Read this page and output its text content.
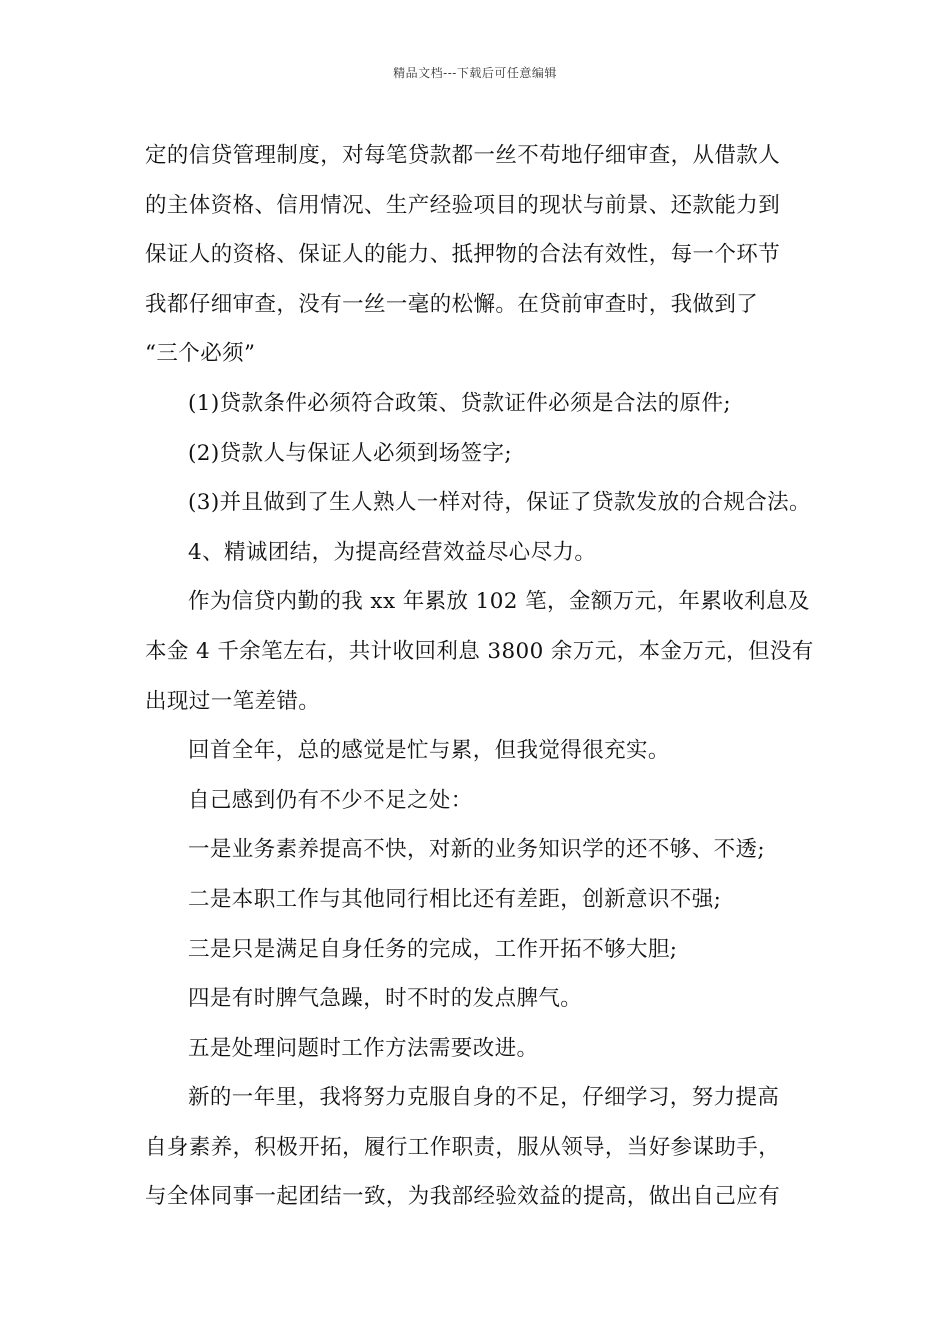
精品文档---下载后可任意编辑
定的信贷管理制度，对每笔贷款都一丝不苟地仔细审查，从借款人
的主体资格、信用情况、生产经验项目的现状与前景、还款能力到
保证人的资格、保证人的能力、抵押物的合法有效性，每一个环节
我都仔细审查，没有一丝一毫的松懈。在贷前审查时，我做到了
“三个必须”
(1)贷款条件必须符合政策、贷款证件必须是合法的原件;
(2)贷款人与保证人必须到场签字;
(3)并且做到了生人熟人一样对待，保证了贷款发放的合规合法。
4、精诚团结，为提高经营效益尽心尽力。
作为信贷内勤的我 xx 年累放 102 笔，金额万元，年累收利息及
本金 4 千余笔左右，共计收回利息 3800 余万元，本金万元，但没有
出现过一笔差错。
回首全年，总的感觉是忙与累，但我觉得很充实。
自己感到仍有不少不足之处：
一是业务素养提高不快，对新的业务知识学的还不够、不透;
二是本职工作与其他同行相比还有差距，创新意识不强;
三是只是满足自身任务的完成，工作开拓不够大胆;
四是有时脾气急躁，时不时的发点脾气。
五是处理问题时工作方法需要改进。
新的一年里，我将努力克服自身的不足，仔细学习，努力提高
自身素养，积极开拓，履行工作职责，服从领导，当好参谋助手，
与全体同事一起团结一致，为我部经验效益的提高，做出自己应有
